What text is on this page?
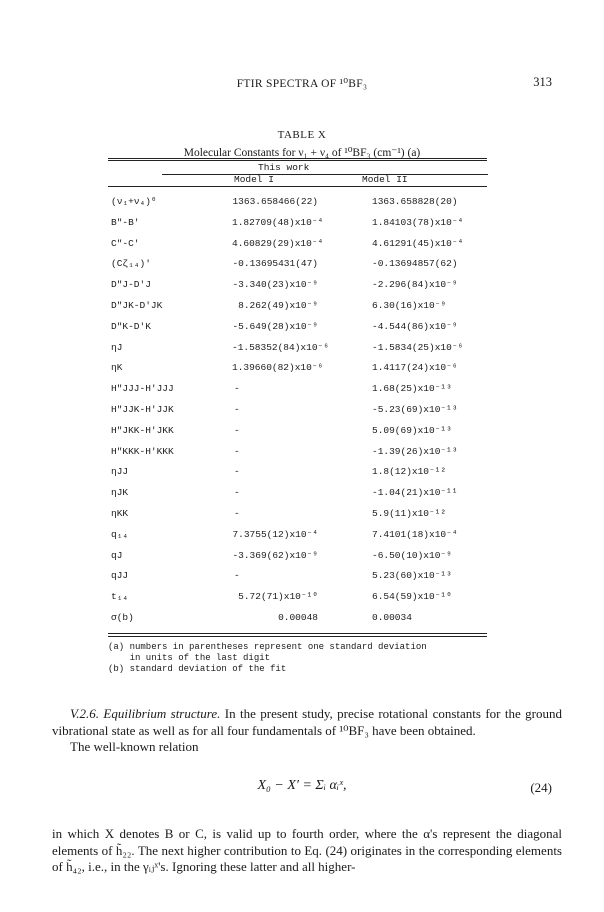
FTIR SPECTRA OF ¹⁰BF₃	313
TABLE X
Molecular Constants for ν₁ + ν₄ of ¹⁰BF₃ (cm⁻¹) (a)
This work
Model I	Model II
(ν₁+ν₄)⁰	1363.658466(22)	1363.658828(20)
B"-B'	1.82709(48)x10⁻⁴	1.84103(78)x10⁻⁴
C"-C'	4.60829(29)x10⁻⁴	4.61291(45)x10⁻⁴
(Cζ₁₄)'	-0.13695431(47)	-0.13694857(62)
D″J-D′J	-3.340(23)x10⁻⁹	-2.296(84)x10⁻⁹
D″JK-D′JK	8.262(49)x10⁻⁹	6.30(16)x10⁻⁹
D″K-D′K	-5.649(28)x10⁻⁹	-4.544(86)x10⁻⁹
ηJ	-1.58352(84)x10⁻⁶	-1.5834(25)x10⁻⁶
ηK	1.39660(82)x10⁻⁶	1.4117(24)x10⁻⁶
H″JJJ-H′JJJ	-	1.68(25)x10⁻¹³
H″JJK-H′JJK	-	-5.23(69)x10⁻¹³
H″JKK-H′JKK	-	5.09(69)x10⁻¹³
H″KKK-H′KKK	-	-1.39(26)x10⁻¹³
ηJJ	-	1.8(12)x10⁻¹²
ηJK	-	-1.04(21)x10⁻¹¹
ηKK	-	5.9(11)x10⁻¹²
q₁₄	7.3755(12)x10⁻⁴	7.4101(18)x10⁻⁴
qJ	-3.369(62)x10⁻⁹	-6.50(10)x10⁻⁹
qJJ	-	5.23(60)x10⁻¹³
t₁₄	5.72(71)x10⁻¹⁰	6.54(59)x10⁻¹⁰
σ(b)	0.00048	0.00034
(a) numbers in parentheses represent one standard deviation
in units of the last digit
(b) standard deviation of the fit
V.2.6. Equilibrium structure. In the present study, precise rotational constants for the ground vibrational state as well as for all four fundamentals of ¹⁰BF₃ have been obtained.
The well-known relation
X₀ − X′ = Σᵢ αᵢˣ,	(24)
in which X denotes B or C, is valid up to fourth order, where the α's represent the diagonal elements of h̃₂₂. The next higher contribution to Eq. (24) originates in the corresponding elements of h̃₄₂, i.e., in the γᵢⱼˣ's. Ignoring these latter and all higher-
